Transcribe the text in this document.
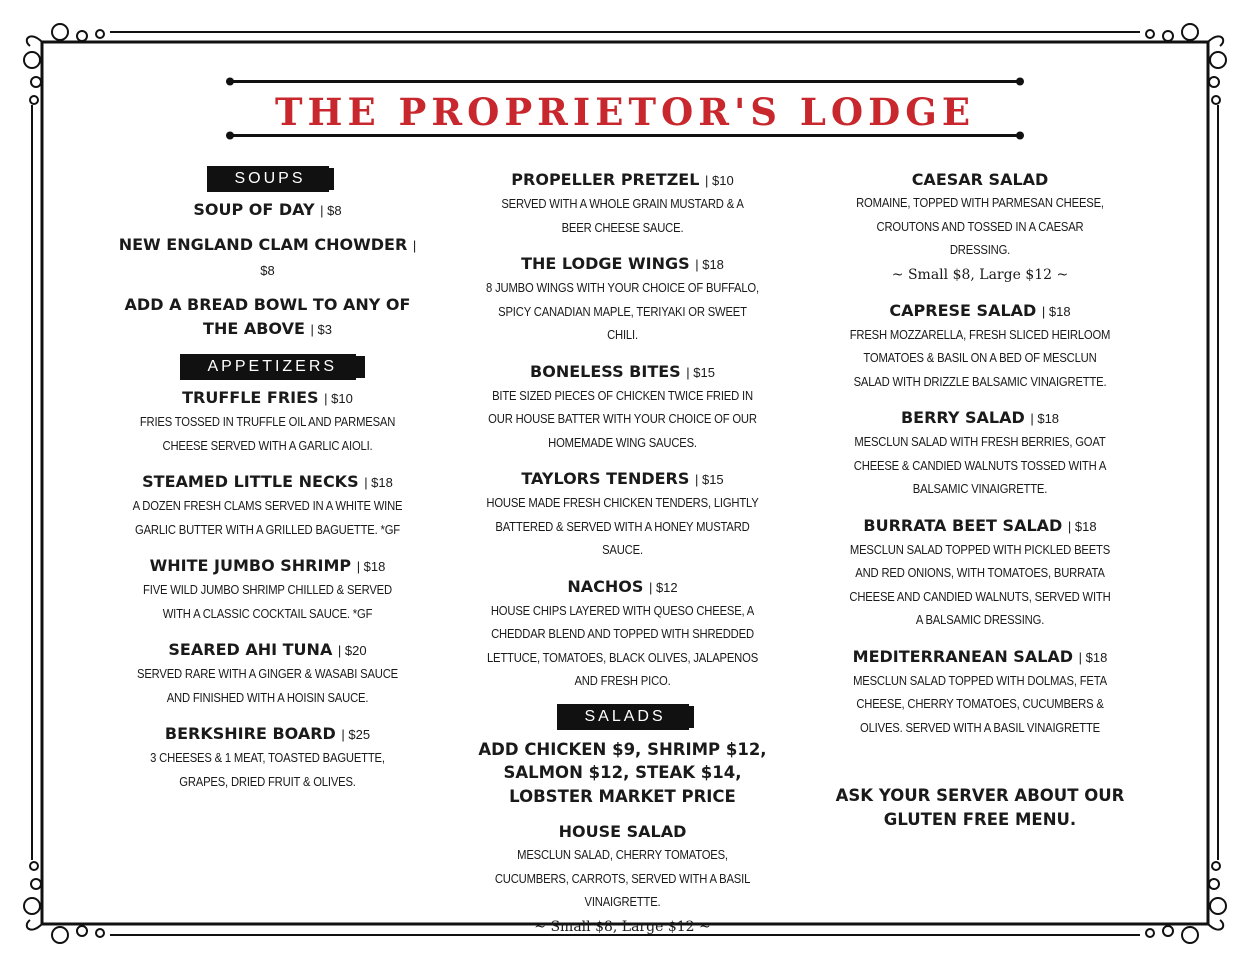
THE PROPRIETOR'S LODGE
SOUPS
SOUP OF DAY | $8
NEW ENGLAND CLAM CHOWDER | $8
ADD A BREAD BOWL TO ANY OF THE ABOVE | $3
APPETIZERS
TRUFFLE FRIES | $10
FRIES TOSSED IN TRUFFLE OIL AND PARMESAN CHEESE SERVED WITH A GARLIC AIOLI.
STEAMED LITTLE NECKS | $18
A DOZEN FRESH CLAMS SERVED IN A WHITE WINE GARLIC BUTTER WITH A GRILLED BAGUETTE. *GF
WHITE JUMBO SHRIMP | $18
FIVE WILD JUMBO SHRIMP CHILLED & SERVED WITH A CLASSIC COCKTAIL SAUCE. *GF
SEARED AHI TUNA | $20
SERVED RARE WITH A GINGER & WASABI SAUCE AND FINISHED WITH A HOISIN SAUCE.
BERKSHIRE BOARD | $25
3 CHEESES & 1 MEAT, TOASTED BAGUETTE, GRAPES, DRIED FRUIT & OLIVES.
PROPELLER PRETZEL | $10
SERVED WITH A WHOLE GRAIN MUSTARD & A BEER CHEESE SAUCE.
THE LODGE WINGS | $18
8 JUMBO WINGS WITH YOUR CHOICE OF BUFFALO, SPICY CANADIAN MAPLE, TERIYAKI OR SWEET CHILI.
BONELESS BITES | $15
BITE SIZED PIECES OF CHICKEN TWICE FRIED IN OUR HOUSE BATTER WITH YOUR CHOICE OF OUR HOMEMADE WING SAUCES.
TAYLORS TENDERS | $15
HOUSE MADE FRESH CHICKEN TENDERS, LIGHTLY BATTERED & SERVED WITH A HONEY MUSTARD SAUCE.
NACHOS | $12
HOUSE CHIPS LAYERED WITH QUESO CHEESE, A CHEDDAR BLEND AND TOPPED WITH SHREDDED LETTUCE, TOMATOES, BLACK OLIVES, JALAPENOS AND FRESH PICO.
SALADS
ADD CHICKEN $9, SHRIMP $12,
SALMON $12, STEAK $14,
LOBSTER MARKET PRICE
HOUSE SALAD
MESCLUN SALAD, CHERRY TOMATOES, CUCUMBERS, CARROTS, SERVED WITH A BASIL VINAIGRETTE.
~ Small $8, Large $12 ~
CAESAR SALAD
ROMAINE, TOPPED WITH PARMESAN CHEESE, CROUTONS AND TOSSED IN A CAESAR DRESSING.
~ Small $8, Large $12 ~
CAPRESE SALAD | $18
FRESH MOZZARELLA, FRESH SLICED HEIRLOOM TOMATOES & BASIL ON A BED OF MESCLUN SALAD WITH DRIZZLE BALSAMIC VINAIGRETTE.
BERRY SALAD | $18
MESCLUN SALAD WITH FRESH BERRIES, GOAT CHEESE & CANDIED WALNUTS TOSSED WITH A BALSAMIC VINAIGRETTE.
BURRATA BEET SALAD | $18
MESCLUN SALAD TOPPED WITH PICKLED BEETS AND RED ONIONS, WITH TOMATOES, BURRATA CHEESE AND CANDIED WALNUTS, SERVED WITH A BALSAMIC DRESSING.
MEDITERRANEAN SALAD | $18
MESCLUN SALAD TOPPED WITH DOLMAS, FETA CHEESE, CHERRY TOMATOES, CUCUMBERS & OLIVES. SERVED WITH A BASIL VINAIGRETTE
ASK YOUR SERVER ABOUT OUR GLUTEN FREE MENU.
